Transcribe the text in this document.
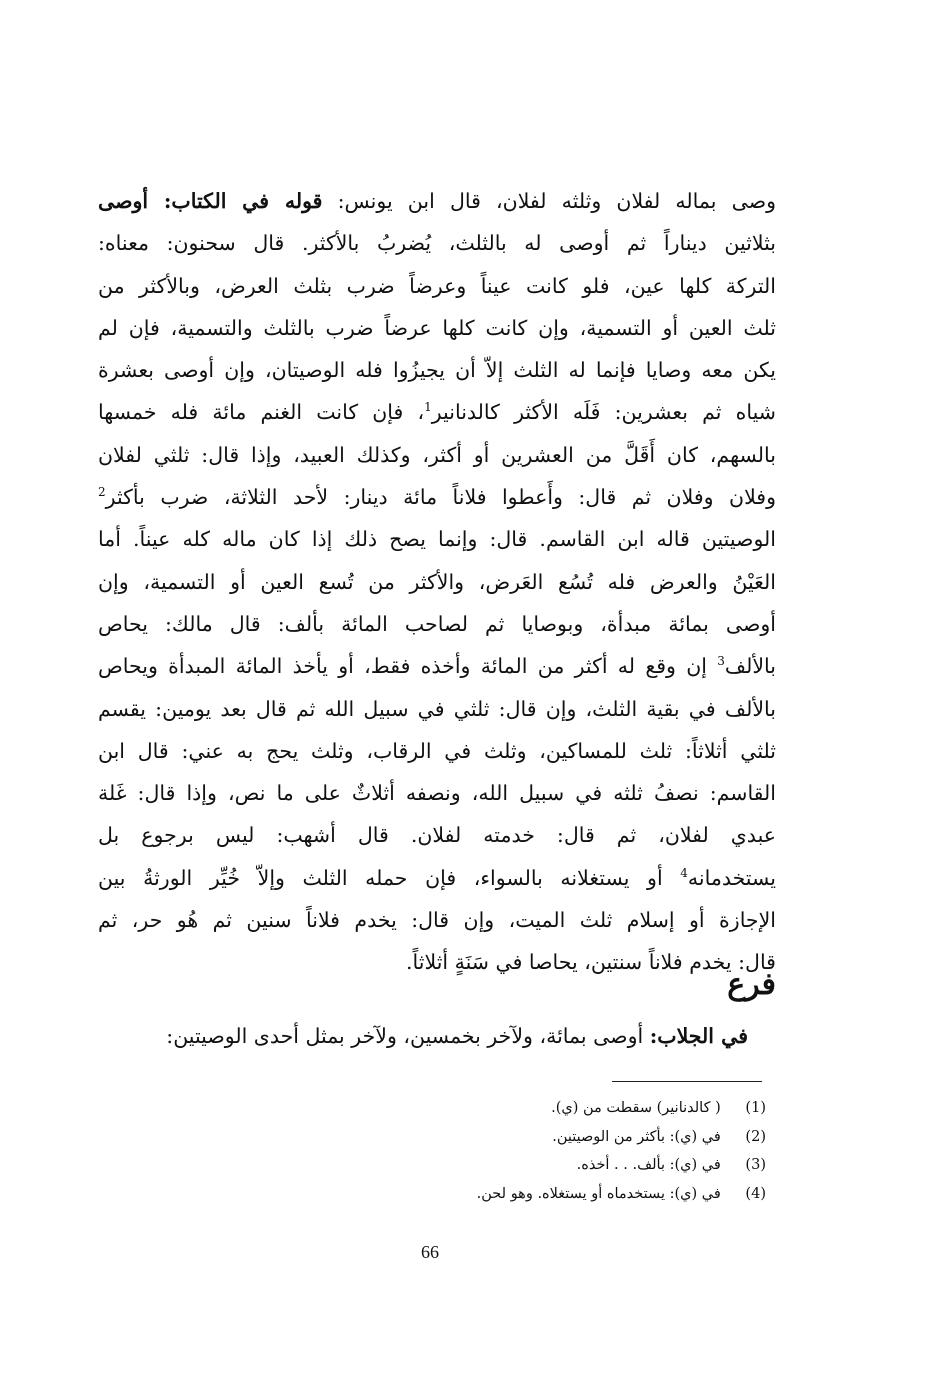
وصى بماله لفلان وثلثه لفلان، قال ابن يونس: قوله في الكتاب: أوصى
بثلاثين ديناراً ثم أوصى له بالثلث، يُضربُ بالأكثر. قال سحنون: معناه:
التركة كلها عين، فلو كانت عيناً وعرضاً ضرب بثلث العرض، وبالأكثر من
ثلث العين أو التسمية، وإن كانت كلها عرضاً ضرب بالثلث والتسمية، فإن لم
يكن معه وصايا فإنما له الثلث إلاّ أن يجيزُوا فله الوصيتان، وإن أوصى بعشرة
شياه ثم بعشرين: فَلَه الأكثر كالدنانير$^1$، فإن كانت الغنم مائة فله خمسها
بالسهم، كان أَقَلَّ من العشرين أو أكثر، وكذلك العبيد، وإذا قال: ثلثي لفلان
وفلان وفلان ثم قال: وأَعطوا فلاناً مائة دينار: لأحد الثلاثة، ضرب بأكثر$^2$
الوصيتين قاله ابن القاسم. قال: وإنما يصح ذلك إذا كان ماله كله عيناً. أما
العَيْنُ والعرض فله تُسُع العَرض، والأكثر من تُسع العين أو التسمية، وإن
أوصى بمائة مبدأة، وبوصايا ثم لصاحب المائة بألف: قال مالك: يحاص
بالألف$^3$ إن وقع له أكثر من المائة وأخذه فقط، أو يأخذ المائة المبدأة ويحاص
بالألف في بقية الثلث، وإن قال: ثلثي في سبيل الله ثم قال بعد يومين: يقسم
ثلثي أثلاثاً: ثلث للمساكين، وثلث في الرقاب، وثلث يحج به عني: قال ابن
القاسم: نصفُ ثلثه في سبيل الله، ونصفه أثلاثٌ على ما نص، وإذا قال: غَلة
عبدي لفلان، ثم قال: خدمته لفلان. قال أشهب: ليس برجوع بل
يستخدمانه$^4$ أو يستغلانه بالسواء، فإن حمله الثلث وإلاّ خُيِّر الورثةُ بين
الإجازة أو إسلام ثلث الميت، وإن قال: يخدم فلاناً سنين ثم هُو حر، ثم
قال: يخدم فلاناً سنتين، يحاصا في سَنَةٍ أثلاثاً.
فرع
في الجلاب: أوصى بمائة، ولآخر بخمسين، ولآخر بمثل أحدى الوصيتين:
(1)  ( كالدنانير) سقطت من (ي).
(2)  في (ي): بأكثر من الوصيتين.
(3)  في (ي): بألف. . . أخذه.
(4)  في (ي): يستخدماه أو يستغلاه. وهو لحن.
66
